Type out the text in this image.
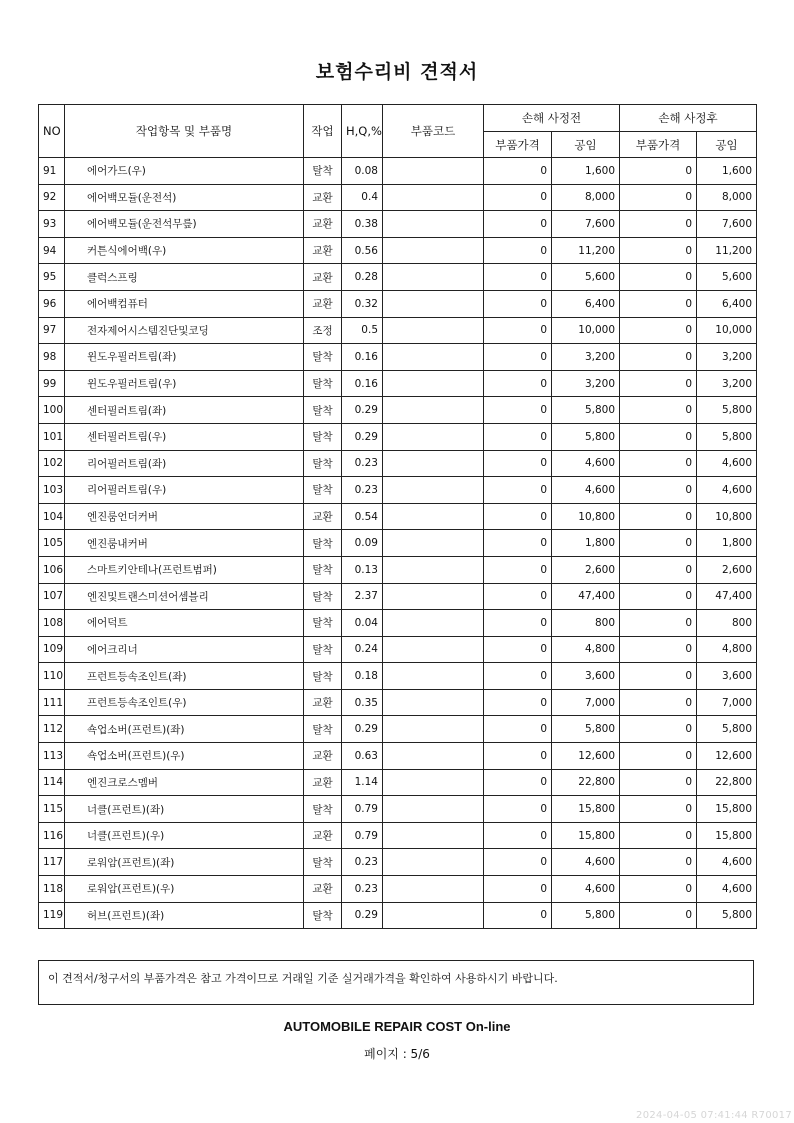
보험수리비 견적서
NO	작업항목 및 부품명	작업	H,Q,%	부품코드	손해 사정전		손해 사정후	
					부품가격	공임	부품가격	공임
91	에어가드(우)	탈착	0.08		0	1,600	0	1,600
92	에어백모듈(운전석)	교환	0.4		0	8,000	0	8,000
93	에어백모듈(운전석무릎)	교환	0.38		0	7,600	0	7,600
94	커튼식에어백(우)	교환	0.56		0	11,200	0	11,200
95	클럭스프링	교환	0.28		0	5,600	0	5,600
96	에어백컴퓨터	교환	0.32		0	6,400	0	6,400
97	전자제어시스템진단및코딩	조정	0.5		0	10,000	0	10,000
98	윈도우필러트림(좌)	탈착	0.16		0	3,200	0	3,200
99	윈도우필러트림(우)	탈착	0.16		0	3,200	0	3,200
100	센터필러트림(좌)	탈착	0.29		0	5,800	0	5,800
101	센터필러트림(우)	탈착	0.29		0	5,800	0	5,800
102	리어필러트림(좌)	탈착	0.23		0	4,600	0	4,600
103	리어필러트림(우)	탈착	0.23		0	4,600	0	4,600
104	엔진룸언더커버	교환	0.54		0	10,800	0	10,800
105	엔진룸내커버	탈착	0.09		0	1,800	0	1,800
106	스마트키안테나(프런트범퍼)	탈착	0.13		0	2,600	0	2,600
107	엔진및트랜스미션어셈블리	탈착	2.37		0	47,400	0	47,400
108	에어덕트	탈착	0.04		0	800	0	800
109	에어크리너	탈착	0.24		0	4,800	0	4,800
110	프런트등속조인트(좌)	탈착	0.18		0	3,600	0	3,600
111	프런트등속조인트(우)	교환	0.35		0	7,000	0	7,000
112	쇽업소버(프런트)(좌)	탈착	0.29		0	5,800	0	5,800
113	쇽업소버(프런트)(우)	교환	0.63		0	12,600	0	12,600
114	엔진크로스멤버	교환	1.14		0	22,800	0	22,800
115	너클(프런트)(좌)	탈착	0.79		0	15,800	0	15,800
116	너클(프런트)(우)	교환	0.79		0	15,800	0	15,800
117	로워암(프런트)(좌)	탈착	0.23		0	4,600	0	4,600
118	로워암(프런트)(우)	교환	0.23		0	4,600	0	4,600
119	허브(프런트)(좌)	탈착	0.29		0	5,800	0	5,800
이 견적서/청구서의 부품가격은 참고 가격이므로 거래일 기준 실거래가격을 확인하여 사용하시기 바랍니다.
AUTOMOBILE REPAIR COST On-line
페이지 : 5/6
2024-04-05 07:41:44 R70017
